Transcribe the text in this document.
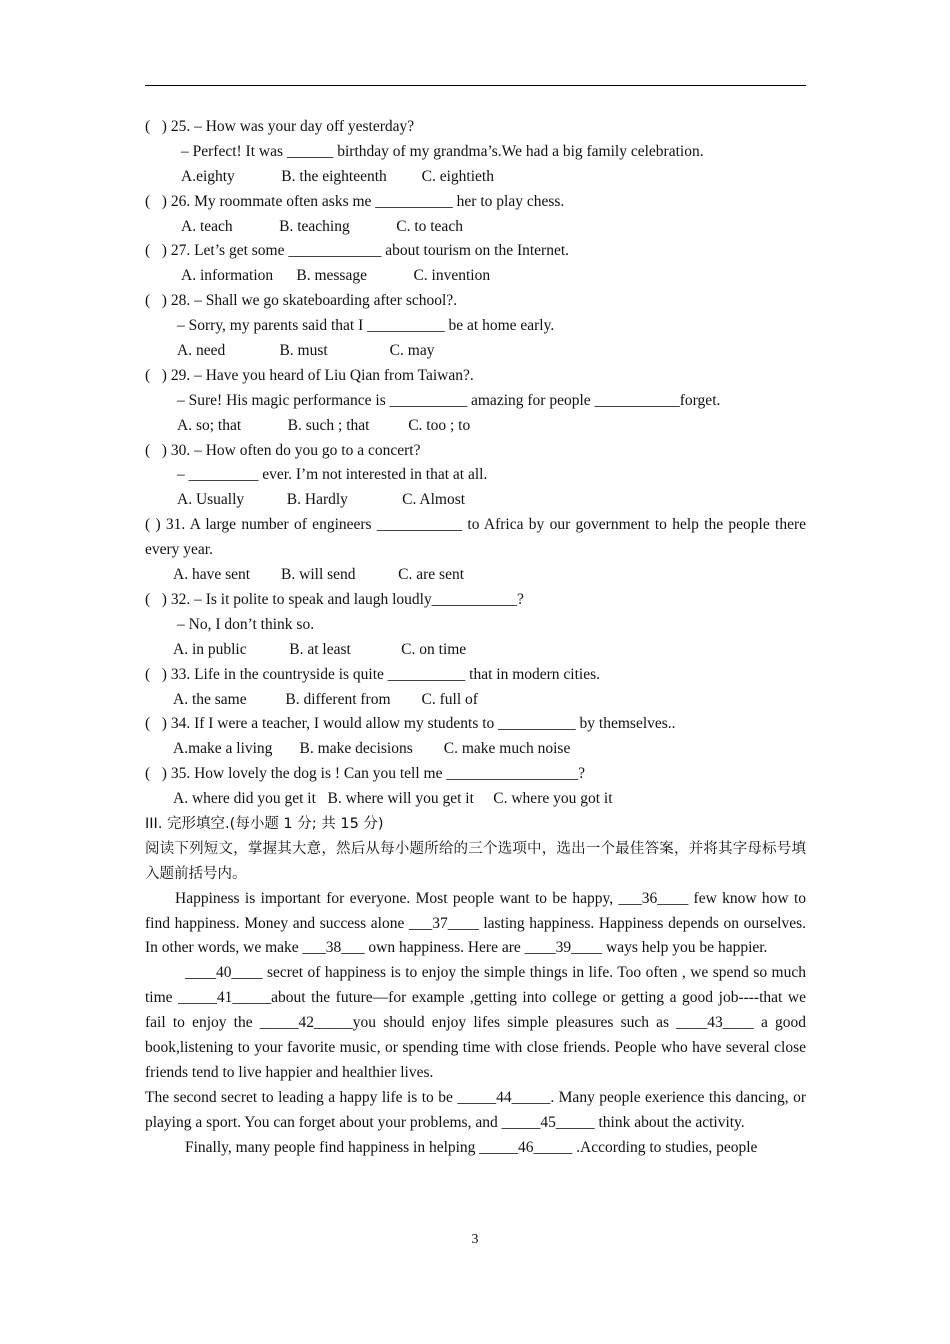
(   ) 25. – How was your day off yesterday?
– Perfect! It was ______ birthday of my grandma’s.We had a big family celebration.
A.eighty            B. the eighteenth         C. eightieth
(   ) 26. My roommate often asks me __________ her to play chess.
A. teach            B. teaching            C. to teach
(   ) 27. Let’s get some ____________ about tourism on the Internet.
A. information      B. message            C. invention
(   ) 28. – Shall we go skateboarding after school?.
– Sorry, my parents said that I __________ be at home early.
A. need              B. must                C. may
(   ) 29. – Have you heard of Liu Qian from Taiwan?.
– Sure! His magic performance is __________ amazing for people ___________forget.
A. so; that            B. such ; that          C. too ; to
(   ) 30. – How often do you go to a concert?
– _________ ever. I’m not interested in that at all.
A. Usually           B. Hardly              C. Almost
( ) 31. A large number of engineers ___________ to Africa by our government to help the people there every year.
A. have sent        B. will send           C. are sent
(   ) 32. – Is it polite to speak and laugh loudly___________?
– No, I don’t think so.
A. in public           B. at least             C. on time
(   ) 33. Life in the countryside is quite __________ that in modern cities.
A. the same          B. different from        C. full of
(   ) 34. If I were a teacher, I would allow my students to __________ by themselves..
A.make a living       B. make decisions        C. make much noise
(   ) 35. How lovely the dog is ! Can you tell me _________________?
A. where did you get it   B. where will you get it     C. where you got it
III. 完形填空.(每小题 1 分; 共 15 分)
阅读下列短文，掌握其大意，然后从每小题所给的三个选项中，选出一个最佳答案，并将其字母标号填入题前括号内。
Happiness is important for everyone. Most people want to be happy, ___36____ few know how to find happiness. Money and success alone ___37____ lasting happiness. Happiness depends on ourselves. In other words, we make ___38___ own happiness. Here are ____39____ ways help you be happier.
____40____ secret of happiness is to enjoy the simple things in life. Too often , we spend so much time _____41_____about the future—for example ,getting into college or getting a good job----that we fail to enjoy the _____42_____you should enjoy lifes simple pleasures such as ____43____ a good book,listening to your favorite music, or spending time with close friends. People who have several close friends tend to live happier and healthier lives.
The second secret to leading a happy life is to be _____44_____. Many people exerience this dancing, or playing a sport. You can forget about your problems, and _____45_____ think about the activity.
Finally, many people find happiness in helping _____46_____ .According to studies, people
3
